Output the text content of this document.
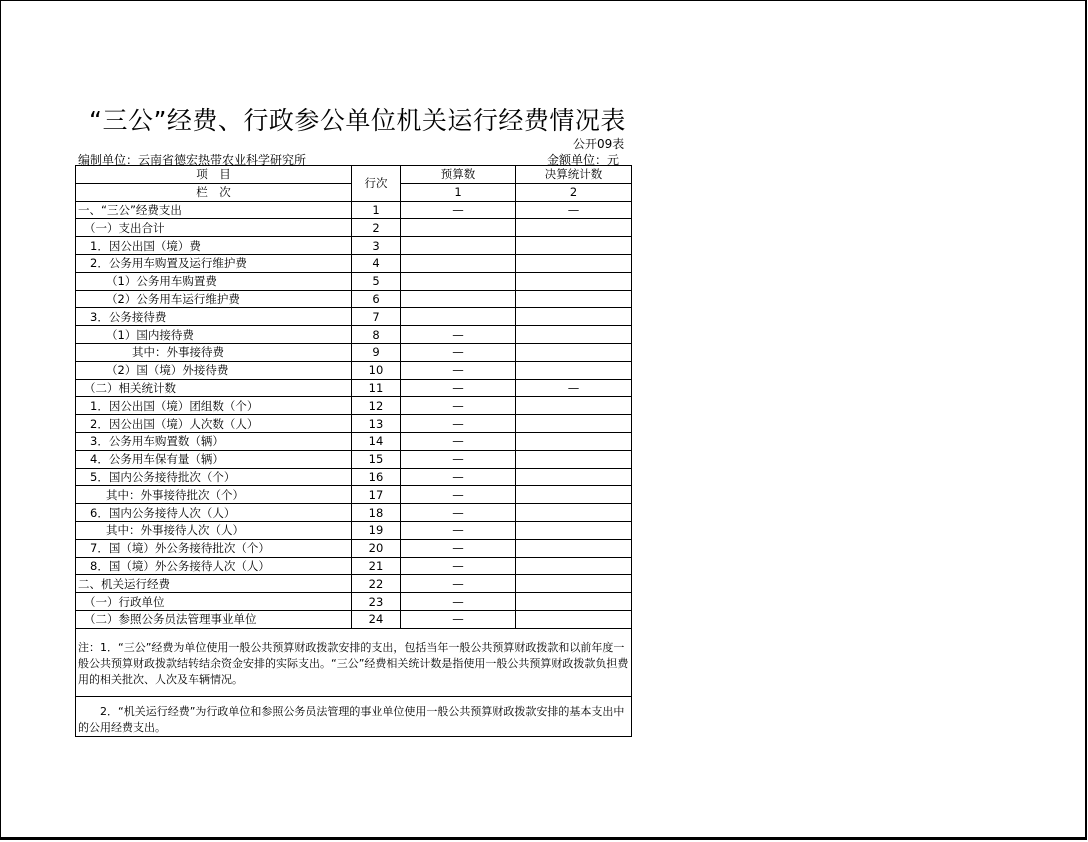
“三公”经费、行政参公单位机关运行经费情况表
公开09表
编制单位：云南省德宏热带农业科学研究所	金额单位：元
项　目	行次	预算数	决算统计数
栏　次		1	2
一、“三公”经费支出	1	—	—
（一）支出合计	2		
1．因公出国（境）费	3		
2．公务用车购置及运行维护费	4		
（1）公务用车购置费	5		
（2）公务用车运行维护费	6		
3．公务接待费	7		
（1）国内接待费	8	—	
其中：外事接待费	9	—	
（2）国（境）外接待费	10	—	
（二）相关统计数	11	—	—
1．因公出国（境）团组数（个）	12	—	
2．因公出国（境）人次数（人）	13	—	
3．公务用车购置数（辆）	14	—	
4．公务用车保有量（辆）	15	—	
5．国内公务接待批次（个）	16	—	
其中：外事接待批次（个）	17	—	
6．国内公务接待人次（人）	18	—	
其中：外事接待人次（人）	19	—	
7．国（境）外公务接待批次（个）	20	—	
8．国（境）外公务接待人次（人）	21	—	
二、机关运行经费	22	—	
（一）行政单位	23	—	
（二）参照公务员法管理事业单位	24	—	
注：1．“三公”经费为单位使用一般公共预算财政拨款安排的支出，包括当年一般公共预算财政拨款和以前年度一般公共预算财政拨款结转结余资金安排的实际支出。“三公”经费相关统计数是指使用一般公共预算财政拨款负担费用的相关批次、人次及车辆情况。			
　　2．“机关运行经费”为行政单位和参照公务员法管理的事业单位使用一般公共预算财政拨款安排的基本支出中的公用经费支出。			
